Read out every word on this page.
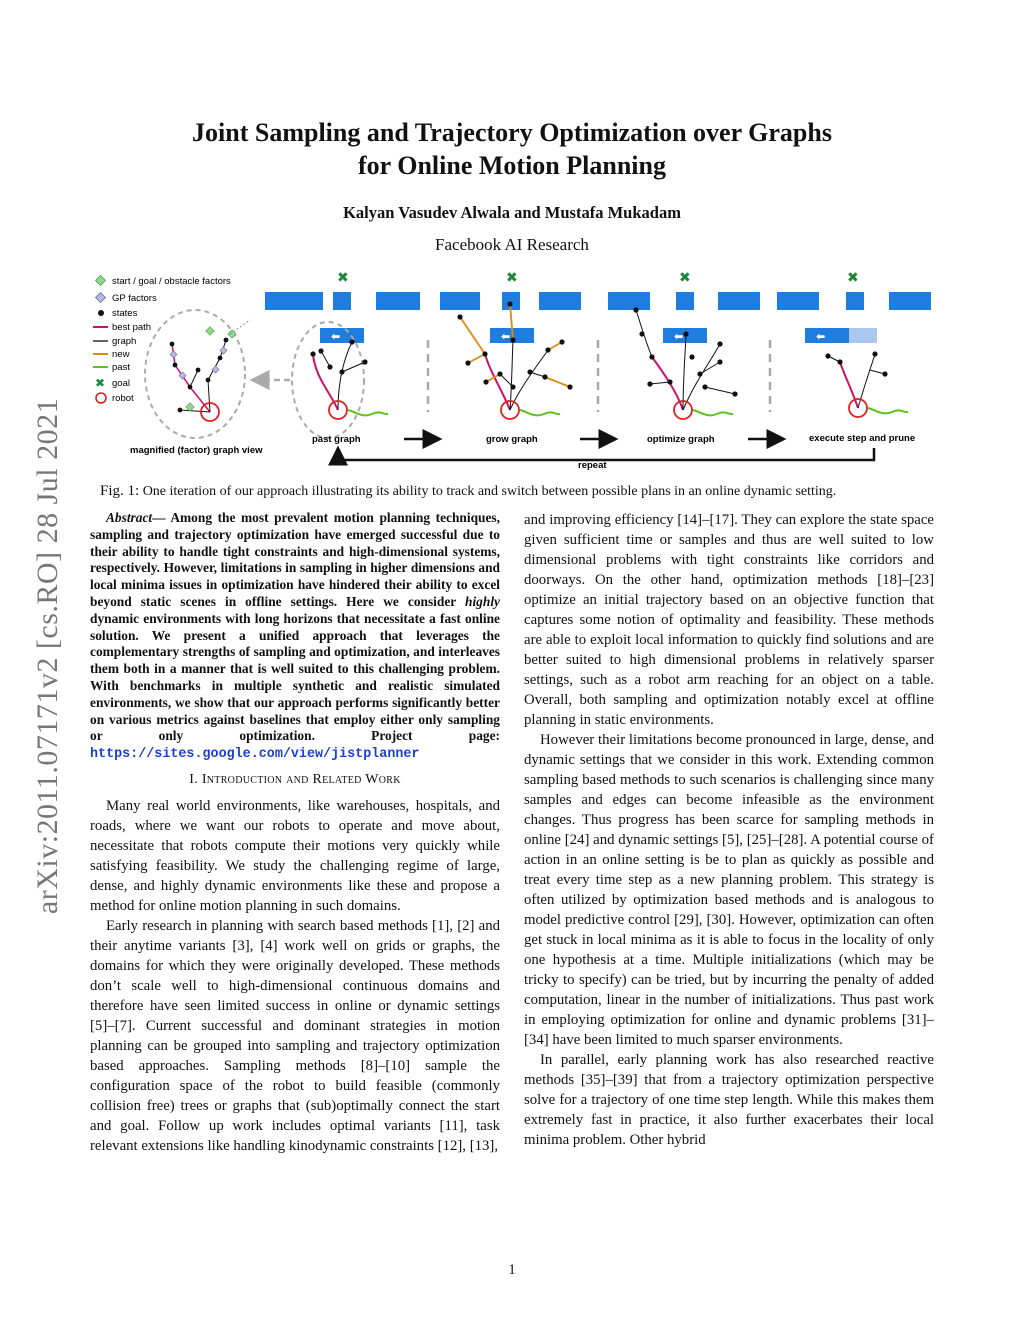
Joint Sampling and Trajectory Optimization over Graphs
for Online Motion Planning
Kalyan Vasudev Alwala and Mustafa Mukadam
Facebook AI Research
arXiv:2011.07171v2 [cs.RO] 28 Jul 2021
start / goal / obstacle factors
GP factors
states
best path
graph
new
past
✖ goal
robot
magnified (factor) graph view
⬅
✖
past graph
⬅
✖
grow graph
⬅
✖
optimize graph
⬅
✖
execute step and prune
repeat
Fig. 1: One iteration of our approach illustrating its ability to track and switch between possible plans in an online dynamic setting.

Abstract— Among the most prevalent motion planning techniques, sampling and trajectory optimization have emerged successful due to their ability to handle tight constraints and high-dimensional systems, respectively. However, limitations in sampling in higher dimensions and local minima issues in optimization have hindered their ability to excel beyond static scenes in offline settings. Here we consider highly dynamic environments with long horizons that necessitate a fast online solution. We present a unified approach that leverages the complementary strengths of sampling and optimization, and interleaves them both in a manner that is well suited to this challenging problem. With benchmarks in multiple synthetic and realistic simulated environments, we show that our approach performs significantly better on various metrics against baselines that employ either only sampling or only optimization. Project page: https://sites.google.com/view/jistplanner

I. Introduction and Related Work

Many real world environments, like warehouses, hospitals, and roads, where we want our robots to operate and move about, necessitate that robots compute their motions very quickly while satisfying feasibility. We study the challenging regime of large, dense, and highly dynamic environments like these and propose a method for online motion planning in such domains.

Early research in planning with search based methods [1], [2] and their anytime variants [3], [4] work well on grids or graphs, the domains for which they were originally developed. These methods don’t scale well to high-dimensional continuous domains and therefore have seen limited success in online or dynamic settings [5]–[7]. Current successful and dominant strategies in motion planning can be grouped into sampling and trajectory optimization based approaches. Sampling methods [8]–[10] sample the configuration space of the robot to build feasible (commonly collision free) trees or graphs that (sub)optimally connect the start and goal. Follow up work includes optimal variants [11], task relevant extensions like handling kinodynamic constraints [12], [13],

and improving efficiency [14]–[17]. They can explore the state space given sufficient time or samples and thus are well suited to low dimensional problems with tight constraints like corridors and doorways. On the other hand, optimization methods [18]–[23] optimize an initial trajectory based on an objective function that captures some notion of optimality and feasibility. These methods are able to exploit local information to quickly find solutions and are better suited to high dimensional problems in relatively sparser settings, such as a robot arm reaching for an object on a table. Overall, both sampling and optimization notably excel at offline planning in static environments.

However their limitations become pronounced in large, dense, and dynamic settings that we consider in this work. Extending common sampling based methods to such scenarios is challenging since many samples and edges can become infeasible as the environment changes. Thus progress has been scarce for sampling methods in online [24] and dynamic settings [5], [25]–[28]. A potential course of action in an online setting is be to plan as quickly as possible and treat every time step as a new planning problem. This strategy is often utilized by optimization based methods and is analogous to model predictive control [29], [30]. However, optimization can often get stuck in local minima as it is able to focus in the locality of only one hypothesis at a time. Multiple initializations (which may be tricky to specify) can be tried, but by incurring the penalty of added computation, linear in the number of initializations. Thus past work in employing optimization for online and dynamic problems [31]–[34] have been limited to much sparser environments.

In parallel, early planning work has also researched reactive methods [35]–[39] that from a trajectory optimization perspective solve for a trajectory of one time step length. While this makes them extremely fast in practice, it also further exacerbates their local minima problem. Other hybrid

1
